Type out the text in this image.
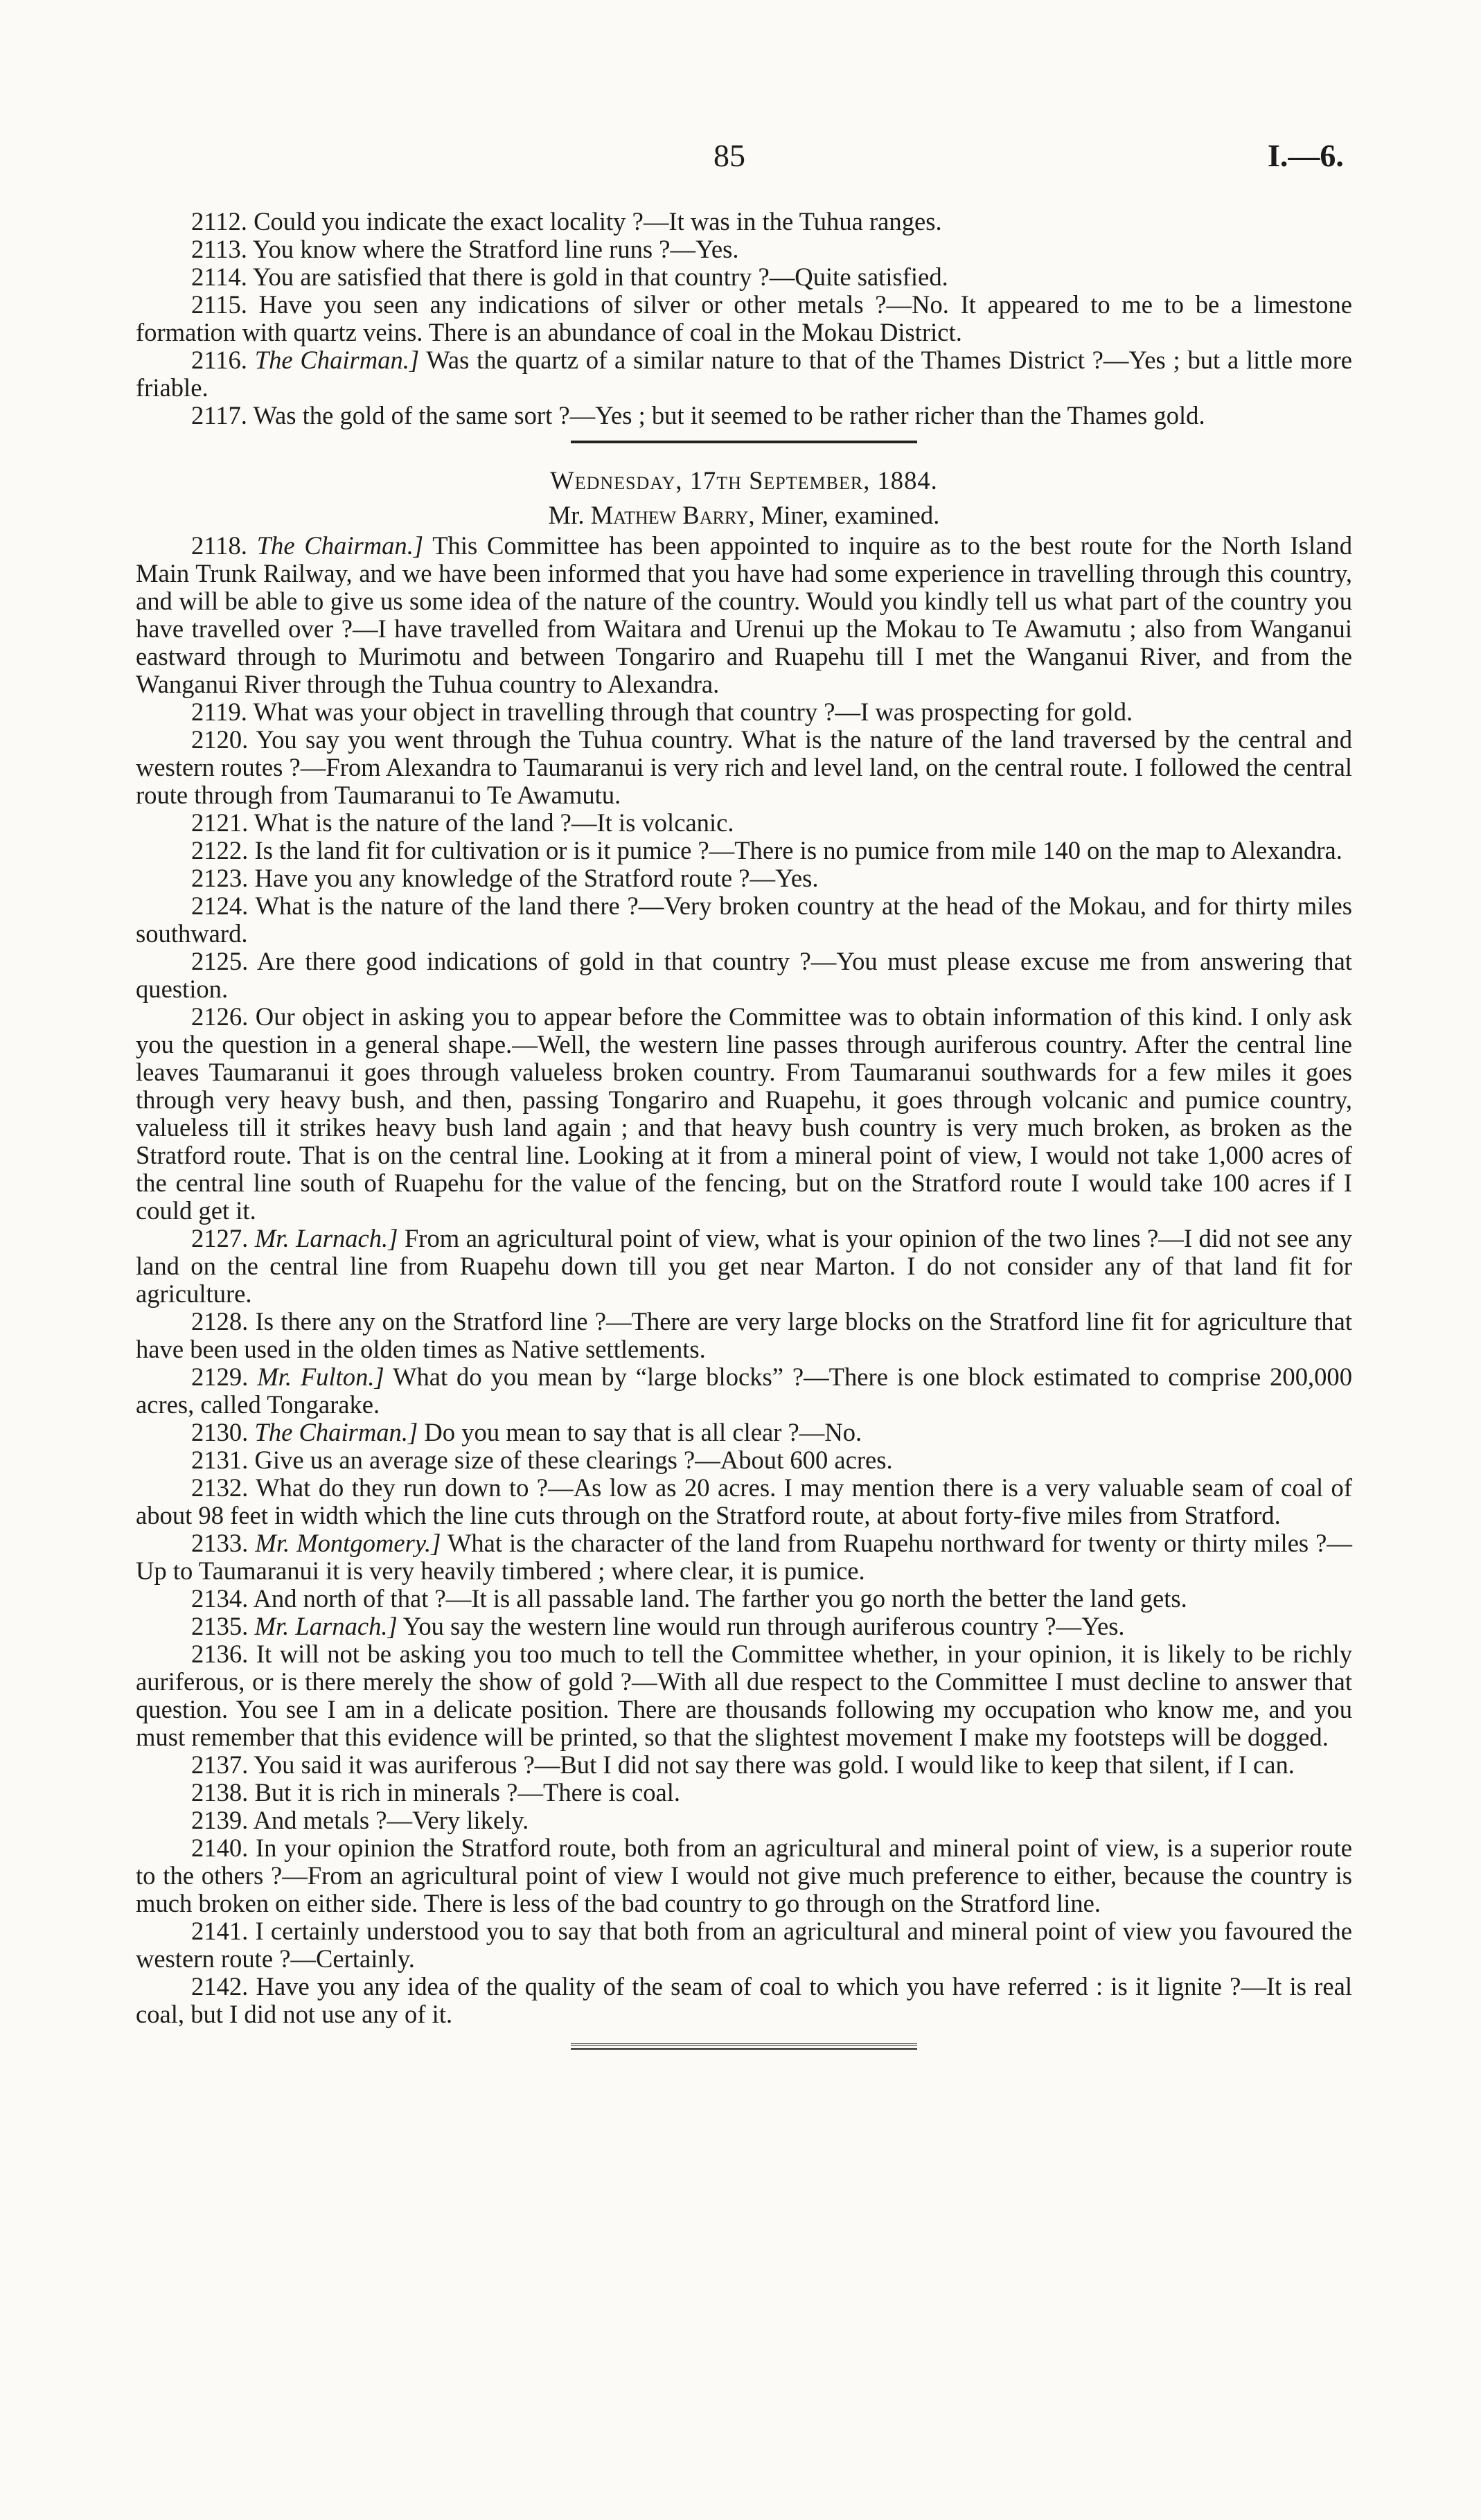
85	I.—6.

2112. Could you indicate the exact locality ?—It was in the Tuhua ranges.

2113. You know where the Stratford line runs ?—Yes.

2114. You are satisfied that there is gold in that country ?—Quite satisfied.

2115. Have you seen any indications of silver or other metals ?—No. It appeared to me to be a limestone formation with quartz veins. There is an abundance of coal in the Mokau District.

2116. The Chairman.] Was the quartz of a similar nature to that of the Thames District ?—Yes ; but a little more friable.

2117. Was the gold of the same sort ?—Yes ; but it seemed to be rather richer than the Thames gold.

Wednesday, 17th September, 1884.

Mr. Mathew Barry, Miner, examined.

2118. The Chairman.] This Committee has been appointed to inquire as to the best route for the North Island Main Trunk Railway, and we have been informed that you have had some experience in travelling through this country, and will be able to give us some idea of the nature of the country. Would you kindly tell us what part of the country you have travelled over ?—I have travelled from Waitara and Urenui up the Mokau to Te Awamutu ; also from Wanganui eastward through to Murimotu and between Tongariro and Ruapehu till I met the Wanganui River, and from the Wanganui River through the Tuhua country to Alexandra.

2119. What was your object in travelling through that country ?—I was prospecting for gold.

2120. You say you went through the Tuhua country. What is the nature of the land traversed by the central and western routes ?—From Alexandra to Taumaranui is very rich and level land, on the central route. I followed the central route through from Taumaranui to Te Awamutu.

2121. What is the nature of the land ?—It is volcanic.

2122. Is the land fit for cultivation or is it pumice ?—There is no pumice from mile 140 on the map to Alexandra.

2123. Have you any knowledge of the Stratford route ?—Yes.

2124. What is the nature of the land there ?—Very broken country at the head of the Mokau, and for thirty miles southward.

2125. Are there good indications of gold in that country ?—You must please excuse me from answering that question.

2126. Our object in asking you to appear before the Committee was to obtain information of this kind. I only ask you the question in a general shape.—Well, the western line passes through auriferous country. After the central line leaves Taumaranui it goes through valueless broken country. From Taumaranui southwards for a few miles it goes through very heavy bush, and then, passing Tongariro and Ruapehu, it goes through volcanic and pumice country, valueless till it strikes heavy bush land again ; and that heavy bush country is very much broken, as broken as the Stratford route. That is on the central line. Looking at it from a mineral point of view, I would not take 1,000 acres of the central line south of Ruapehu for the value of the fencing, but on the Stratford route I would take 100 acres if I could get it.

2127. Mr. Larnach.] From an agricultural point of view, what is your opinion of the two lines ?—I did not see any land on the central line from Ruapehu down till you get near Marton. I do not consider any of that land fit for agriculture.

2128. Is there any on the Stratford line ?—There are very large blocks on the Stratford line fit for agriculture that have been used in the olden times as Native settlements.

2129. Mr. Fulton.] What do you mean by “large blocks” ?—There is one block estimated to comprise 200,000 acres, called Tongarake.

2130. The Chairman.] Do you mean to say that is all clear ?—No.

2131. Give us an average size of these clearings ?—About 600 acres.

2132. What do they run down to ?—As low as 20 acres. I may mention there is a very valuable seam of coal of about 98 feet in width which the line cuts through on the Stratford route, at about forty-five miles from Stratford.

2133. Mr. Montgomery.] What is the character of the land from Ruapehu northward for twenty or thirty miles ?—Up to Taumaranui it is very heavily timbered ; where clear, it is pumice.

2134. And north of that ?—It is all passable land. The farther you go north the better the land gets.

2135. Mr. Larnach.] You say the western line would run through auriferous country ?—Yes.

2136. It will not be asking you too much to tell the Committee whether, in your opinion, it is likely to be richly auriferous, or is there merely the show of gold ?—With all due respect to the Committee I must decline to answer that question. You see I am in a delicate position. There are thousands following my occupation who know me, and you must remember that this evidence will be printed, so that the slightest movement I make my footsteps will be dogged.

2137. You said it was auriferous ?—But I did not say there was gold. I would like to keep that silent, if I can.

2138. But it is rich in minerals ?—There is coal.

2139. And metals ?—Very likely.

2140. In your opinion the Stratford route, both from an agricultural and mineral point of view, is a superior route to the others ?—From an agricultural point of view I would not give much preference to either, because the country is much broken on either side. There is less of the bad country to go through on the Stratford line.

2141. I certainly understood you to say that both from an agricultural and mineral point of view you favoured the western route ?—Certainly.

2142. Have you any idea of the quality of the seam of coal to which you have referred : is it lignite ?—It is real coal, but I did not use any of it.
